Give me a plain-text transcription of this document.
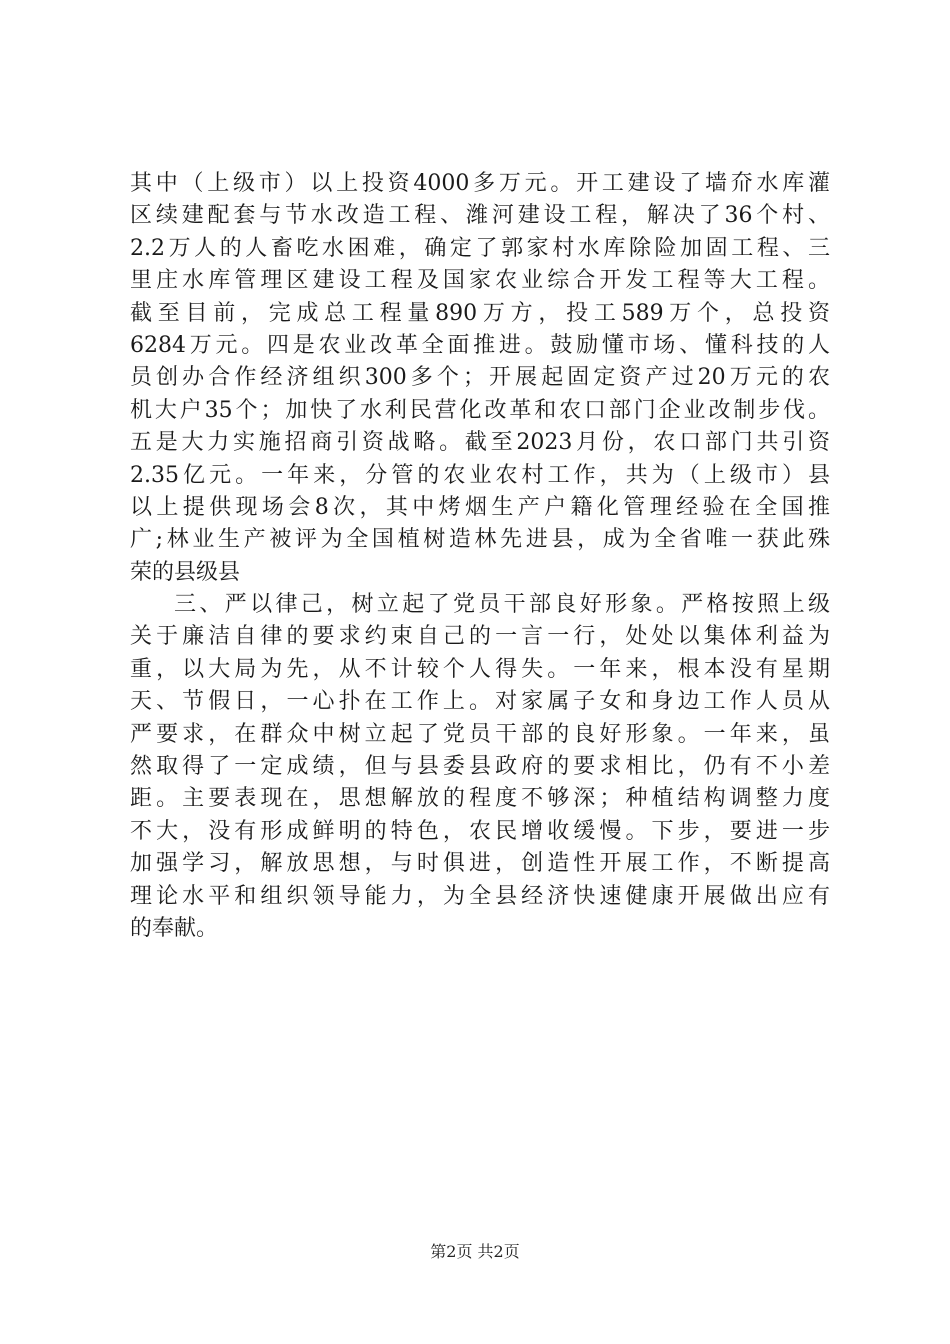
其中（上级市）以上投资4000多万元。开工建设了墙夼水库灌
区续建配套与节水改造工程、潍河建设工程，解决了36个村、
2.2万人的人畜吃水困难，确定了郭家村水库除险加固工程、三
里庄水库管理区建设工程及国家农业综合开发工程等大工程。
截至目前，完成总工程量890万方，投工589万个，总投资
6284万元。四是农业改革全面推进。鼓励懂市场、懂科技的人
员创办合作经济组织300多个；开展起固定资产过20万元的农
机大户35个；加快了水利民营化改革和农口部门企业改制步伐。
五是大力实施招商引资战略。截至2023月份，农口部门共引资
2.35亿元。一年来，分管的农业农村工作，共为（上级市）县
以上提供现场会8次，其中烤烟生产户籍化管理经验在全国推
广;林业生产被评为全国植树造林先进县，成为全省唯一获此殊
荣的县级县
三、严以律己，树立起了党员干部良好形象。严格按照上级
关于廉洁自律的要求约束自己的一言一行，处处以集体利益为
重，以大局为先，从不计较个人得失。一年来，根本没有星期
天、节假日，一心扑在工作上。对家属子女和身边工作人员从
严要求，在群众中树立起了党员干部的良好形象。一年来，虽
然取得了一定成绩，但与县委县政府的要求相比，仍有不小差
距。主要表现在，思想解放的程度不够深；种植结构调整力度
不大，没有形成鲜明的特色，农民增收缓慢。下步，要进一步
加强学习，解放思想，与时俱进，创造性开展工作，不断提高
理论水平和组织领导能力，为全县经济快速健康开展做出应有
的奉献。
第2页 共2页
